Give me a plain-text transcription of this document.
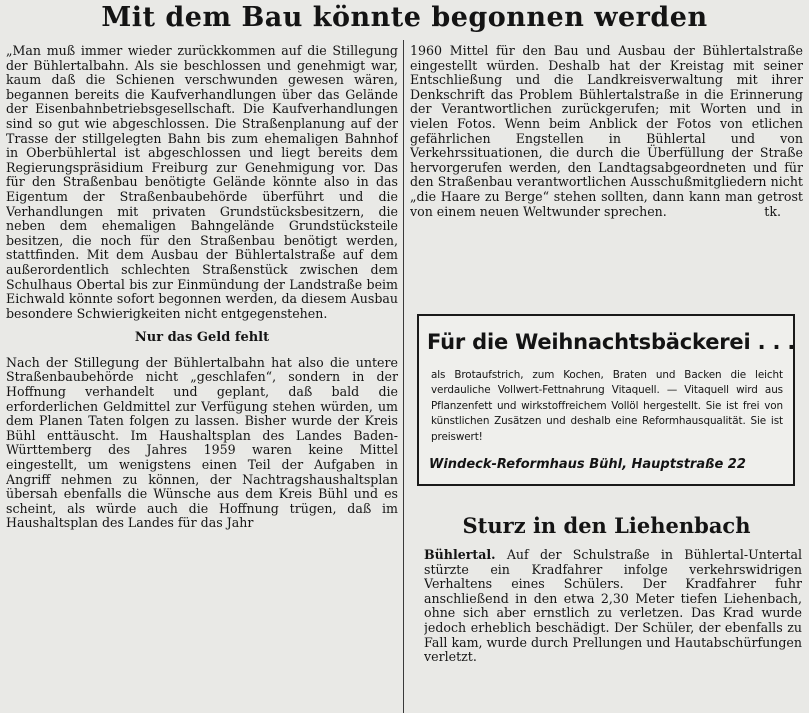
Mit dem Bau könnte begonnen werden

„Man muß immer wieder zurückkommen auf die Stillegung der Bühlertalbahn. Als sie beschlossen und genehmigt war, kaum daß die Schienen verschwunden gewesen wären, begannen bereits die Kaufverhandlungen über das Gelände der Eisenbahnbetriebsgesellschaft. Die Kaufverhandlungen sind so gut wie abgeschlossen. Die Straßenplanung auf der Trasse der stillgelegten Bahn bis zum ehemaligen Bahnhof in Oberbühlertal ist abgeschlossen und liegt bereits dem Regierungspräsidium Freiburg zur Genehmigung vor. Das für den Straßenbau benötigte Gelände könnte also in das Eigentum der Straßenbaubehörde überführt und die Verhandlungen mit privaten Grundstücksbesitzern, die neben dem ehemaligen Bahngelände Grundstücksteile besitzen, die noch für den Straßenbau benötigt werden, stattfinden. Mit dem Ausbau der Bühlertalstraße auf dem außerordentlich schlechten Straßenstück zwischen dem Schulhaus Obertal bis zur Einmündung der Landstraße beim Eichwald könnte sofort begonnen werden, da diesem Ausbau besondere Schwierigkeiten nicht entgegenstehen.

Nur das Geld fehlt

Nach der Stillegung der Bühlertalbahn hat also die untere Straßenbaubehörde nicht „geschlafen“, sondern in der Hoffnung verhandelt und geplant, daß bald die erforderlichen Geldmittel zur Verfügung stehen würden, um dem Planen Taten folgen zu lassen. Bisher wurde der Kreis Bühl enttäuscht. Im Haushaltsplan des Landes Baden-Württemberg des Jahres 1959 waren keine Mittel eingestellt, um wenigstens einen Teil der Aufgaben in Angriff nehmen zu können, der Nachtragshaushaltsplan übersah ebenfalls die Wünsche aus dem Kreis Bühl und es scheint, als würde auch die Hoffnung trügen, daß im Haushaltsplan des Landes für das Jahr

1960 Mittel für den Bau und Ausbau der Bühlertalstraße eingestellt würden. Deshalb hat der Kreistag mit seiner Entschließung und die Landkreisverwaltung mit ihrer Denkschrift das Problem Bühlertalstraße in die Erinnerung der Verantwortlichen zurückgerufen; mit Worten und in vielen Fotos. Wenn beim Anblick der Fotos von etlichen gefährlichen Engstellen in Bühlertal und von Verkehrssituationen, die durch die Überfüllung der Straße hervorgerufen werden, den Landtagsabgeordneten und für den Straßenbau verantwortlichen Ausschußmitgliedern nicht „die Haare zu Berge“ stehen sollten, dann kann man getrost von einem neuen Weltwunder sprechen.	tk.

Für die Weihnachtsbäckerei . . .
als Brotaufstrich, zum Kochen, Braten und Backen die leicht verdauliche Vollwert-Fettnahrung Vitaquell. — Vitaquell wird aus Pflanzenfett und wirkstoffreichem Vollöl hergestellt. Sie ist frei von künstlichen Zusätzen und deshalb eine Reformhausqualität. Sie ist preiswert!
Windeck-Reformhaus Bühl, Hauptstraße 22
Sturz in den Liehenbach

Bühlertal. Auf der Schulstraße in Bühlertal-Untertal stürzte ein Kradfahrer infolge verkehrswidrigen Verhaltens eines Schülers. Der Kradfahrer fuhr anschließend in den etwa 2,30 Meter tiefen Liehenbach, ohne sich aber ernstlich zu verletzen. Das Krad wurde jedoch erheblich beschädigt. Der Schüler, der ebenfalls zu Fall kam, wurde durch Prellungen und Hautabschürfungen verletzt.
